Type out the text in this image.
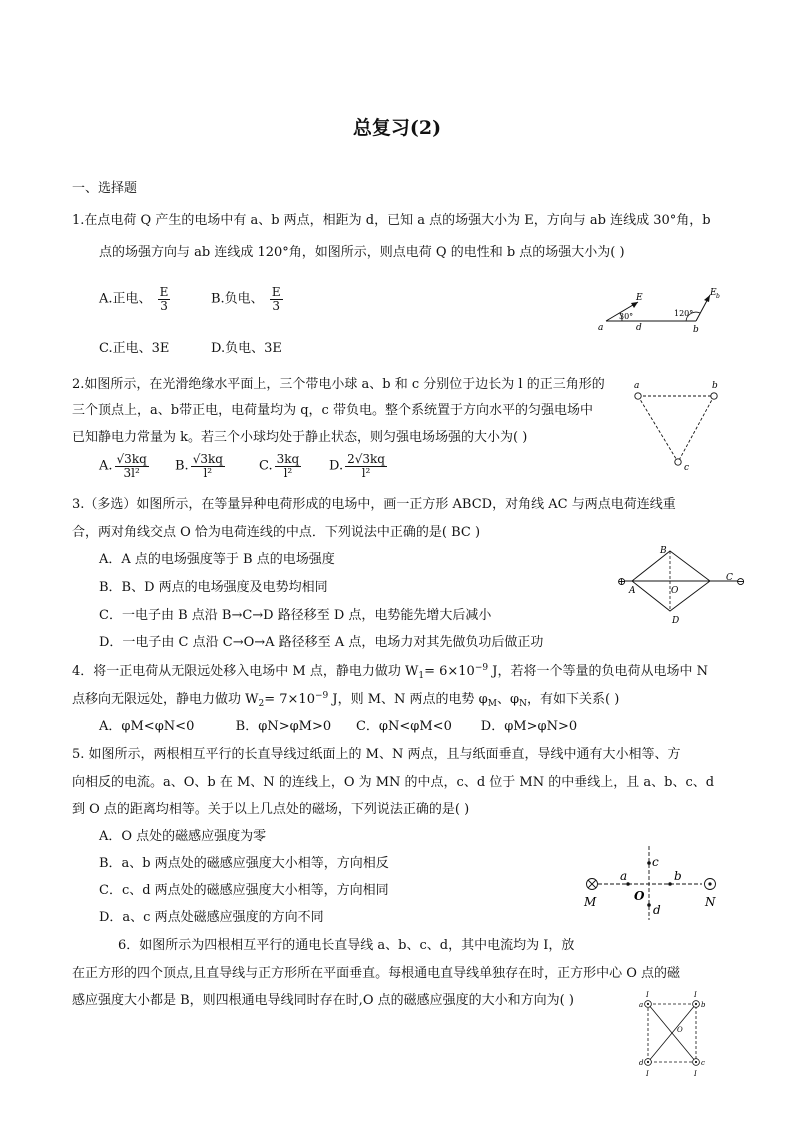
总复习(2)
一、选择题
1.在点电荷 Q 产生的电场中有 a、b 两点，相距为 d，已知 a 点的场强大小为 E，方向与 ab 连线成 30°角，b
点的场强方向与 ab 连线成 120°角，如图所示，则点电荷 Q 的电性和 b 点的场强大小为( )
A.正电、 $\frac{E}{3}$	B.负电、 $\frac{E}{3}$
C.正电、3E	D.负电、3E
a	b
d
E	E b
30°	120°
2.如图所示，在光滑绝缘水平面上，三个带电小球 a、b 和 c 分别位于边长为 l 的正三角形的
三个顶点上，a、b带正电，电荷量均为 q，c 带负电。整个系统置于方向水平的匀强电场中
已知静电力常量为 k。若三个小球均处于静止状态，则匀强电场场强的大小为( )
A. $\frac{√3kq}{\text{3l²}} B$. $\frac{√3kq}{\text{l²}}$	C. $\frac{3kq}{\text{l²}} D$. $\frac{2√3kq}{\text{l²}}$
a	b
c
3.（多选）如图所示，在等量异种电荷形成的电场中，画一正方形 ABCD，对角线 AC 与两点电荷连线重
合，两对角线交点 O 恰为电荷连线的中点．下列说法中正确的是( BC )
A．A 点的电场强度等于 B 点的电场强度
B．B、D 两点的电场强度及电势均相同
C．一电子由 B 点沿 B→C→D 路径移至 D 点，电势能先增大后减小
D．一电子由 C 点沿 C→O→A 路径移至 A 点，电场力对其先做负功后做正功
⊕	⊖
A
B
C
D
O
4．将一正电荷从无限远处移入电场中 M 点，静电力做功 $W_1= 6\times 10^{-9}$ J，若将一个等量的负电荷从电场中 N
点移向无限远处，静电力做功 $W_2= 7\times 10^{-9}$ J，则 M、N 两点的电势 $\varphi_M$、$\varphi_N$，有如下关系( )
A．φM<φN<0          B．φN>φM>0      C．φN<φM<0       D．φM>φN>0
5. 如图所示，两根相互平行的长直导线过纸面上的 M、N 两点，且与纸面垂直，导线中通有大小相等、方
向相反的电流。a、O、b 在 M、N 的连线上，O 为 MN 的中点，c、d 位于 MN 的中垂线上，且 a、b、c、d
到 O 点的距离均相等。关于以上几点处的磁场，下列说法正确的是( )
A．O 点处的磁感应强度为零
B．a、b 两点处的磁感应强度大小相等，方向相反
C．c、d 两点处的磁感应强度大小相等，方向相同
D．a、c 两点处磁感应强度的方向不同
M	N
O
a	b
c
d
6．如图所示为四根相互平行的通电长直导线 a、b、c、d，其中电流均为 I，放
在正方形的四个顶点,且直导线与正方形所在平面垂直。每根通电直导线单独存在时，正方形中心 O 点的磁
感应强度大小都是 B，则四根通电导线同时存在时,O 点的磁感应强度的大小和方向为( )	a	b
c
d
O
I	I
I	I
